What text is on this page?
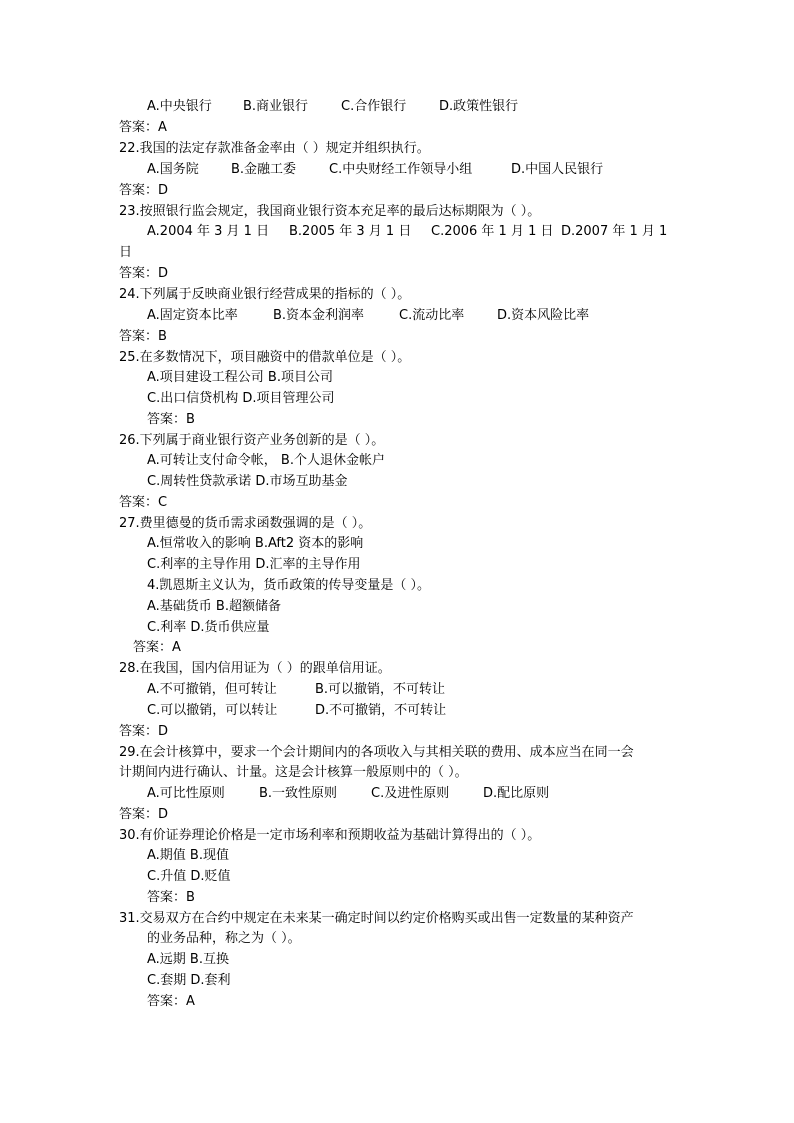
A.中央银行 B.商业银行	C.合作银行	D.政策性银行
答案：A
22.我国的法定存款准备金率由（ ）规定并组织执行。
A.国务院 B.金融工委	C.中央财经工作领导小组	D.中国人民银行
答案：D
23.按照银行监会规定，我国商业银行资本充足率的最后达标期限为（ ）。
A.2004 年 3 月 1 日 B.2005 年 3 月 1 日 C.2006 年 1 月 1 日 D.2007 年 1 月 1
日
答案：D
24.下列属于反映商业银行经营成果的指标的（ ）。
A.固定资本比率	B.资本金利润率	C.流动比率	D.资本风险比率
答案：B
25.在多数情况下，项目融资中的借款单位是（ ）。
A.项目建设工程公司 B.项目公司
C.出口信贷机构 D.项目管理公司
答案：B
26.下列属于商业银行资产业务创新的是（ ）。
A.可转让支付命令帐， B.个人退休金帐户
C.周转性贷款承诺 D.市场互助基金
答案：C
27.费里德曼的货币需求函数强调的是（ ）。
A.恒常收入的影响 B.Aft2 资本的影响
C.利率的主导作用 D.汇率的主导作用
4.凯恩斯主义认为，货币政策的传导变量是（ ）。
A.基础货币 B.超额储备
C.利率 D.货币供应量
答案：A
28.在我国，国内信用证为（ ）的跟单信用证。
A.不可撤销，但可转让	B.可以撤销，不可转让
C.可以撤销，可以转让	D.不可撤销，不可转让
答案：D
29.在会计核算中，要求一个会计期间内的各项收入与其相关联的费用、成本应当在同一会
计期间内进行确认、计量。这是会计核算一般原则中的（ ）。
A.可比性原则	B.一致性原则	C.及进性原则	D.配比原则
答案：D
30.有价证券理论价格是一定市场利率和预期收益为基础计算得出的（ ）。
A.期值 B.现值
C.升值 D.贬值
答案：B
31.交易双方在合约中规定在未来某一确定时间以约定价格购买或出售一定数量的某种资产
的业务品种，称之为（ ）。
A.远期 B.互换
C.套期 D.套利
答案：A
